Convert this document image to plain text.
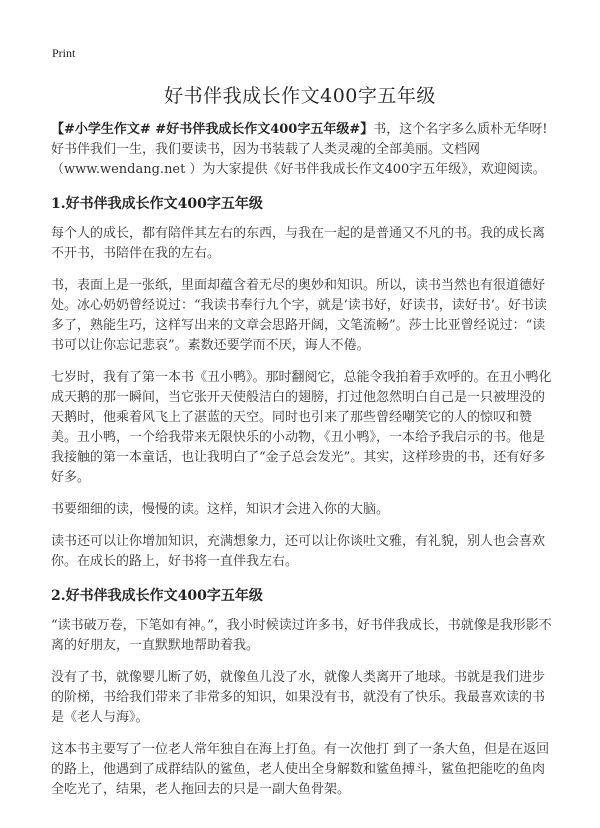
Print
好书伴我成长作文400字五年级

【#小学生作文# #好书伴我成长作文400字五年级#】书，这个名字多么质朴无华呀!好书伴我们一生，我们要读书，因为书装载了人类灵魂的全部美丽。文档网（www.wendang.net ）为大家提供《好书伴我成长作文400字五年级》，欢迎阅读。

1.好书伴我成长作文400字五年级

每个人的成长，都有陪伴其左右的东西，与我在一起的是普通又不凡的书。我的成长离不开书，书陪伴在我的左右。

书，表面上是一张纸，里面却蕴含着无尽的奥妙和知识。所以，读书当然也有很道德好处。冰心奶奶曾经说过：“我读书奉行九个字，就是‘读书好，好读书，读好书’。好书读多了，熟能生巧，这样写出来的文章会思路开阔，文笔流畅”。莎士比亚曾经说过：“读书可以让你忘记悲哀”。素数还要学而不厌，诲人不倦。

七岁时，我有了第一本书《丑小鸭》。那时翻阅它，总能令我拍着手欢呼的。在丑小鸭化成天鹅的那一瞬间，当它张开天使般洁白的翅膀，打过他忽然明白自己是一只被埋没的天鹅时，他乘着风飞上了湛蓝的天空。同时也引来了那些曾经嘲笑它的人的惊叹和赞美。丑小鸭，一个给我带来无限快乐的小动物，《丑小鸭》，一本给予我启示的书。他是我接触的第一本童话，也让我明白了“金子总会发光”。其实，这样珍贵的书，还有好多好多。

书要细细的读，慢慢的读。这样，知识才会进入你的大脑。

读书还可以让你增加知识，充满想象力，还可以让你谈吐文雅，有礼貌，别人也会喜欢你。在成长的路上，好书将一直伴我左右。

2.好书伴我成长作文400字五年级

“读书破万卷，下笔如有神。”，我小时候读过许多书，好书伴我成长，书就像是我形影不离的好朋友，一直默默地帮助着我。

没有了书，就像婴儿断了奶，就像鱼儿没了水，就像人类离开了地球。书就是我们进步的阶梯，书给我们带来了非常多的知识，如果没有书，就没有了快乐。我最喜欢读的书是《老人与海》。

这本书主要写了一位老人常年独自在海上打鱼。有一次他打 到了一条大鱼，但是在返回的路上，他遇到了成群结队的鲨鱼，老人使出全身解数和鲨鱼搏斗，鲨鱼把能吃的鱼肉全吃光了，结果，老人拖回去的只是一副大鱼骨架。
